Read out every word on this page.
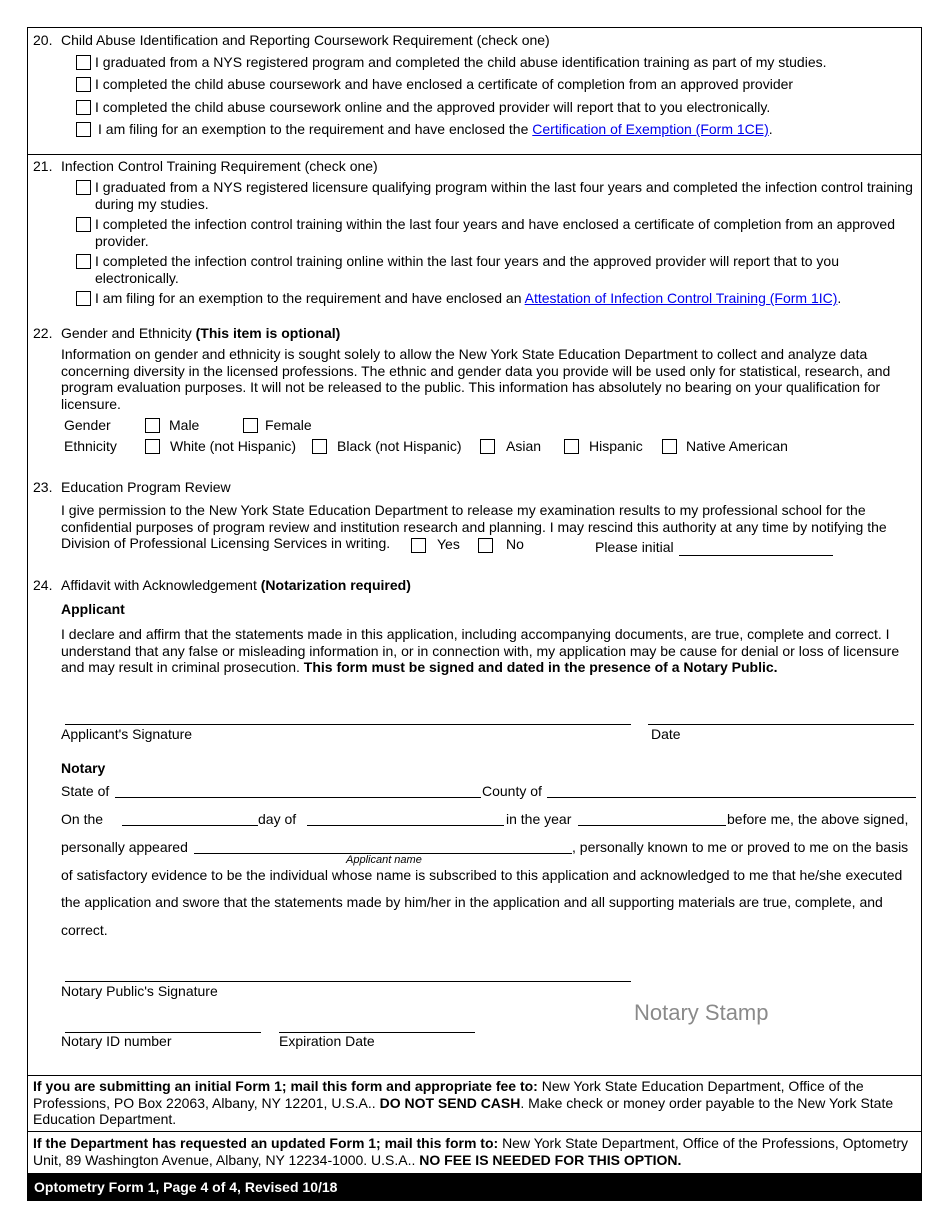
20. Child Abuse Identification and Reporting Coursework Requirement (check one)
I graduated from a NYS registered program and completed the child abuse identification training as part of my studies.
I completed the child abuse coursework and have enclosed a certificate of completion from an approved provider
I completed the child abuse coursework online and the approved provider will report that to you electronically.
I am filing for an exemption to the requirement and have enclosed the Certification of Exemption (Form 1CE).
21. Infection Control Training Requirement (check one)
I graduated from a NYS registered licensure qualifying program within the last four years and completed the infection control training during my studies.
I completed the infection control training within the last four years and have enclosed a certificate of completion from an approved provider.
I completed the infection control training online within the last four years and the approved provider will report that to you electronically.
I am filing for an exemption to the requirement and have enclosed an Attestation of Infection Control Training (Form 1IC).
22. Gender and Ethnicity (This item is optional)
Information on gender and ethnicity is sought solely to allow the New York State Education Department to collect and analyze data concerning diversity in the licensed professions. The ethnic and gender data you provide will be used only for statistical, research, and program evaluation purposes. It will not be released to the public. This information has absolutely no bearing on your qualification for licensure.
Gender	Male	Female
Ethnicity	White (not Hispanic)	Black (not Hispanic)	Asian	Hispanic	Native American
23. Education Program Review
I give permission to the New York State Education Department to release my examination results to my professional school for the confidential purposes of program review and institution research and planning. I may rescind this authority at any time by notifying the Division of Professional Licensing Services in writing.	Yes	No	Please initial
24. Affidavit with Acknowledgement (Notarization required)
Applicant
I declare and affirm that the statements made in this application, including accompanying documents, are true, complete and correct. I understand that any false or misleading information in, or in connection with, my application may be cause for denial or loss of licensure and may result in criminal prosecution. This form must be signed and dated in the presence of a Notary Public.
Applicant's Signature	Date
Notary
State of	County of
On the	day of	in the year	before me, the above signed,
personally appeared	, personally known to me or proved to me on the basis
Applicant name
of satisfactory evidence to be the individual whose name is subscribed to this application and acknowledged to me that he/she executed
the application and swore that the statements made by him/her in the application and all supporting materials are true, complete, and
correct.
Notary Public's Signature
Notary Stamp
Notary ID number	Expiration Date
If you are submitting an initial Form 1; mail this form and appropriate fee to: New York State Education Department, Office of the Professions, PO Box 22063, Albany, NY 12201, U.S.A.. DO NOT SEND CASH. Make check or money order payable to the New York State Education Department.
If the Department has requested an updated Form 1; mail this form to: New York State Department, Office of the Professions, Optometry Unit, 89 Washington Avenue, Albany, NY 12234-1000. U.S.A.. NO FEE IS NEEDED FOR THIS OPTION.
Optometry Form 1, Page 4 of 4, Revised 10/18
